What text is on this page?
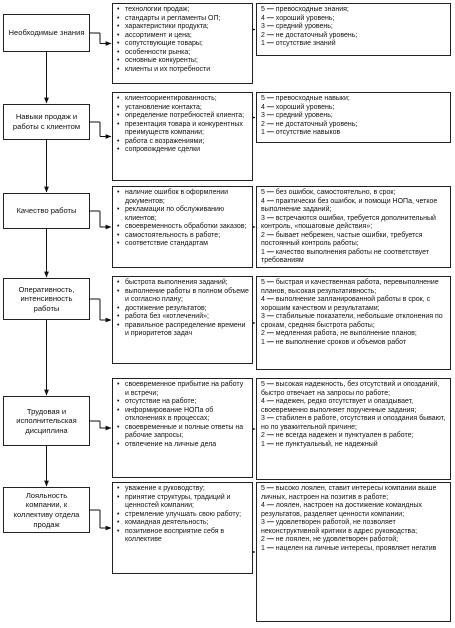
Необходимые знания
• технологии продаж;
• стандарты и регламенты ОП;
• характеристики продукта;
• ассортимент и цена;
• сопутствующие товары;
• особенности рынка;
• основные конкуренты;
• клиенты и их потребности
5 — превосходные знания;
4 — хороший уровень;
3 — средний уровень;
2 — не достаточный уровень;
1 — отсутствие знаний
Навыки продаж и работы с клиентом
• клиентоориентированность;
• установление контакта;
• определение потребностей клиента;
• презентация товара и конкурентных преимуществ компании;
• работа с возражениями;
• сопровождение сделки
5 — превосходные навыки;
4 — хороший уровень;
3 — средний уровень;
2 — не достаточный уровень;
1 — отсутствие навыков
Качество работы
• наличие ошибок в оформлении документов;
• рекламации по обслуживанию клиентов;
• своевременность обработки заказов;
• самостоятельность в работе;
• соответствие стандартам
5 — без ошибок, самостоятельно, в срок;
4 — практически без ошибок, и помощи НОПа, четкое выполнение заданий;
3 — встречаются ошибки, требуется дополнительный контроль, «пошаговые действия»;
2 — бывает небрежен, частые ошибки, требуется постоянный контроль работы;
1 — качество выполнения работы не соответствует требованиям
Оперативность, интенсивность работы
• быстрота выполнения заданий;
• выполнение работы в полном объеме и согласно плану;
• достижение результатов;
• работа без «котлечений»;
• правильное распределение времени и приоритетов задач
5 — быстрая и качественная работа, перевыполнение планов, высокая результативность;
4 — выполнение запланированной работы в срок, с хорошим качеством и результатами;
3 — стабильные показатели, небольшие отклонения по срокам, средняя быстрота работы;
2 — медленная работа, не выполнение планов;
1 — не выполнение сроков и объемов работ
Трудовая и исполнительская дисциплина
• своевременное прибытие на работу и встречи;
• отсутствие на работе;
• информирование НОПа об отклонениях в процессах;
• своевременные и полные ответы на рабочие запросы;
• отвлечение на личные дела
5 — высокая надежность, без отсутствий и опозданий, быстро отвечает на запросы по работе;
4 — надежен, редко отсутствует и опаздывает, своевременно выполняет порученные задания;
3 — стабилен в работе, отсутствия и опоздания бывают, но по уважительной причине;
2 — не всегда надежен и пунктуален в работе;
1 — не пунктуальный, не надежный
Лояльность компании, к коллективу отдела продаж
• уважение к руководству;
• принятие структуры, традиций и ценностей компании;
• стремление улучшать свою работу;
• командная деятельность;
• позитивное восприятие себя в коллективе
5 — высоко лоялен, ставит интересы компании выше личных, настроен на позитив в работе;
4 — лоялен, настроен на достижение командных результатов, разделяет ценности компании;
3 — удовлетворен работой, не позволяет неконструктивной критики в адрес руководства;
2 — не лоялен, не удовлетворен работой;
1 — нацелен на личные интересы, проявляет негатив
